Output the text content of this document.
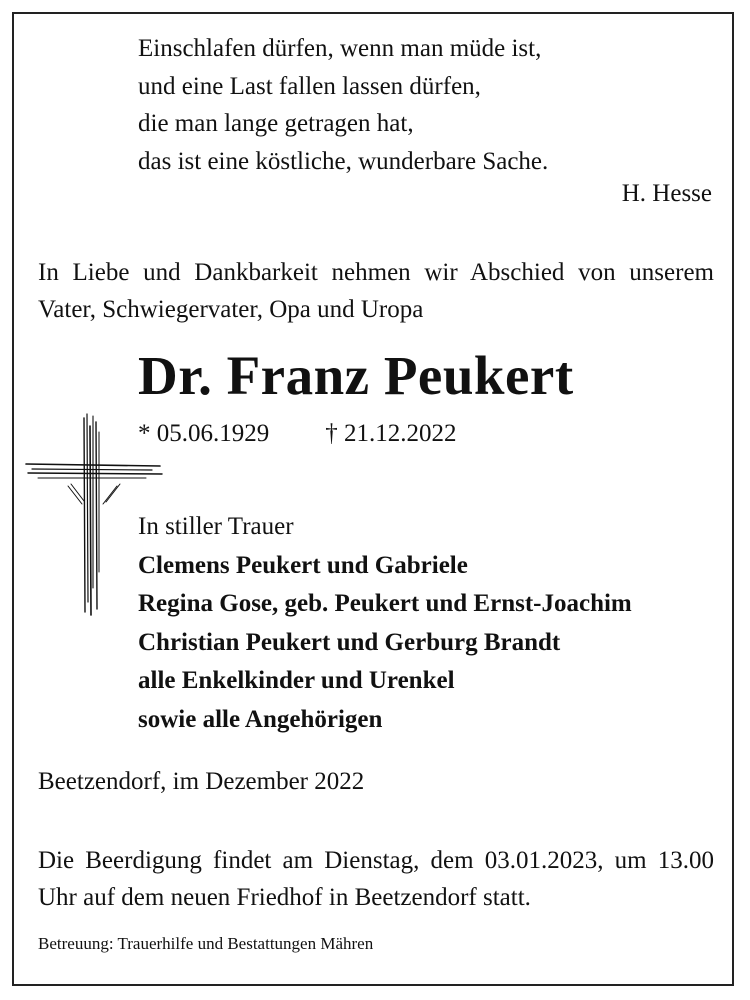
Einschlafen dürfen, wenn man müde ist,
und eine Last fallen lassen dürfen,
die man lange getragen hat,
das ist eine köstliche, wunderbare Sache.
H. Hesse
In Liebe und Dankbarkeit nehmen wir Abschied von unserem Vater, Schwiegervater, Opa und Uropa
Dr. Franz Peukert
* 05.06.1929 † 21.12.2022
In stiller Trauer
Clemens Peukert und Gabriele
Regina Gose, geb. Peukert und Ernst-Joachim
Christian Peukert und Gerburg Brandt
alle Enkelkinder und Urenkel
sowie alle Angehörigen
Beetzendorf, im Dezember 2022
Die Beerdigung findet am Dienstag, dem 03.01.2023, um 13.00 Uhr auf dem neuen Friedhof in Beetzendorf statt.
Betreuung: Trauerhilfe und Bestattungen Mähren
